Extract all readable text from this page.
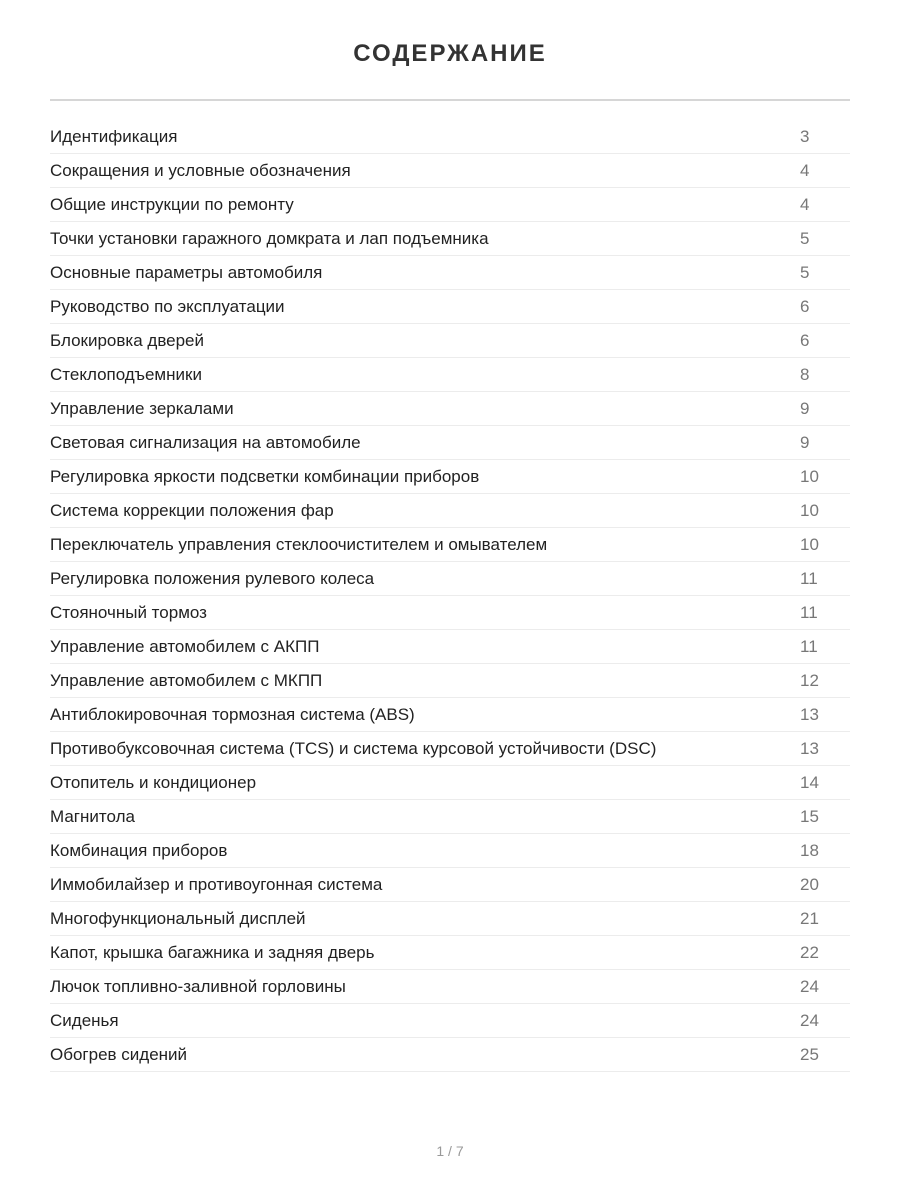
СОДЕРЖАНИЕ
Идентификация	3
Сокращения и условные обозначения	4
Общие инструкции по ремонту	4
Точки установки гаражного домкрата и лап подъемника	5
Основные параметры автомобиля	5
Руководство по эксплуатации	6
Блокировка дверей	6
Стеклоподъемники	8
Управление зеркалами	9
Световая сигнализация на автомобиле	9
Регулировка яркости подсветки комбинации приборов	10
Система коррекции положения фар	10
Переключатель управления стеклоочистителем и омывателем	10
Регулировка положения рулевого колеса	11
Стояночный тормоз	11
Управление автомобилем с АКПП	11
Управление автомобилем с МКПП	12
Антиблокировочная тормозная система (ABS)	13
Противобуксовочная система (TCS) и система курсовой устойчивости (DSC)	13
Отопитель и кондиционер	14
Магнитола	15
Комбинация приборов	18
Иммобилайзер и противоугонная система	20
Многофункциональный дисплей	21
Капот, крышка багажника и задняя дверь	22
Лючок топливно-заливной горловины	24
Сиденья	24
Обогрев сидений	25
1 / 7
